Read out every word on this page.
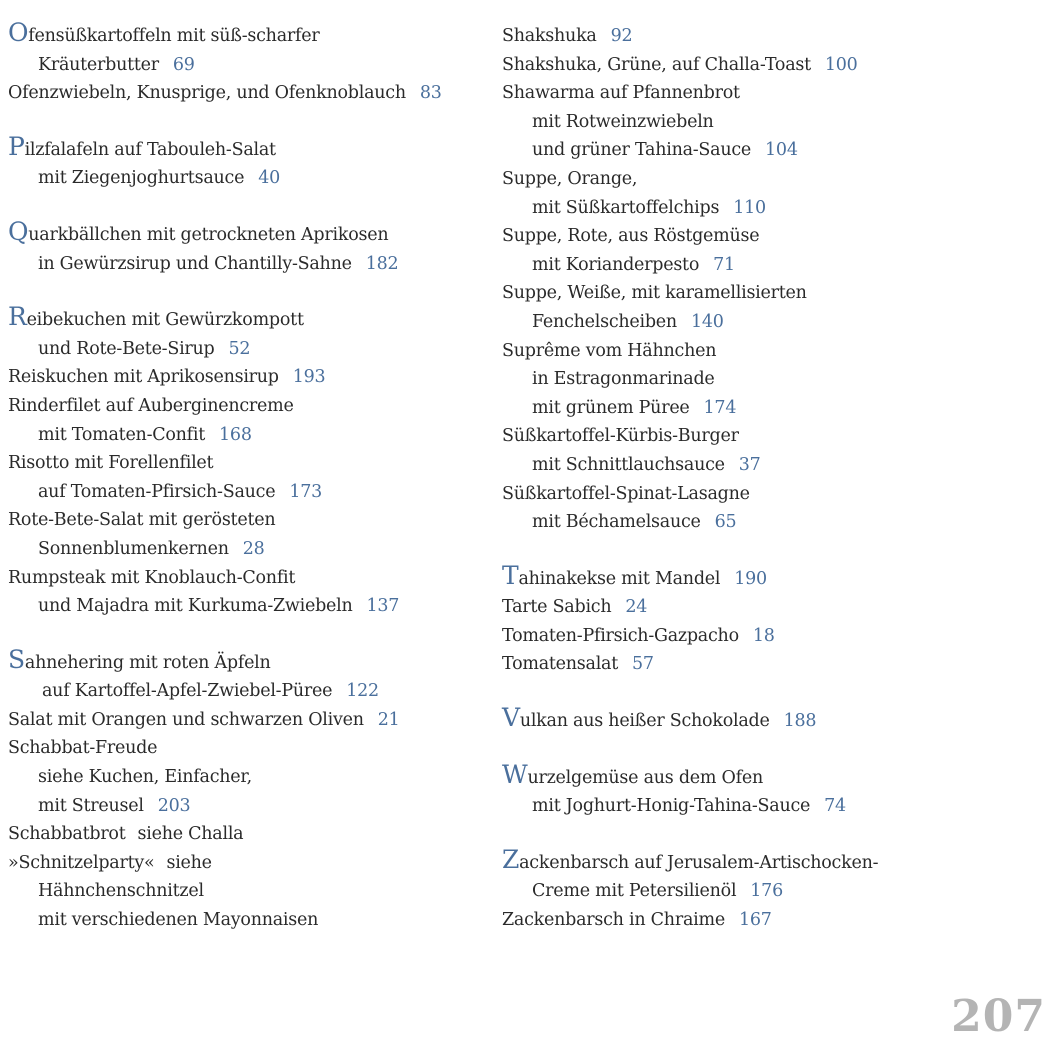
Ofensüßkartoffeln mit süß-scharfer
Kräuterbutter 69
Ofenzwiebeln, Knusprige, und Ofenknoblauch 83
Pilzfalafeln auf Tabouleh-Salat
mit Ziegenjoghurtsauce 40
Quarkbällchen mit getrockneten Aprikosen
in Gewürzsirup und Chantilly-Sahne 182
Reibekuchen mit Gewürzkompott
und Rote-Bete-Sirup 52
Reiskuchen mit Aprikosensirup 193
Rinderfilet auf Auberginencreme
mit Tomaten-Confit 168
Risotto mit Forellenfilet
auf Tomaten-Pfirsich-Sauce 173
Rote-Bete-Salat mit gerösteten
Sonnenblumenkernen 28
Rumpsteak mit Knoblauch-Confit
und Majadra mit Kurkuma-Zwiebeln 137
Sahnehering mit roten Äpfeln
auf Kartoffel-Apfel-Zwiebel-Püree 122
Salat mit Orangen und schwarzen Oliven 21
Schabbat-Freude
siehe Kuchen, Einfacher,
mit Streusel 203
Schabbatbrot siehe Challa
»Schnitzelparty« siehe
Hähnchenschnitzel
mit verschiedenen Mayonnaisen
Shakshuka 92
Shakshuka, Grüne, auf Challa-Toast 100
Shawarma auf Pfannenbrot
mit Rotweinzwiebeln
und grüner Tahina-Sauce 104
Suppe, Orange,
mit Süßkartoffelchips 110
Suppe, Rote, aus Röstgemüse
mit Korianderpesto 71
Suppe, Weiße, mit karamellisierten
Fenchelscheiben 140
Suprême vom Hähnchen
in Estragonmarinade
mit grünem Püree 174
Süßkartoffel-Kürbis-Burger
mit Schnittlauchsauce 37
Süßkartoffel-Spinat-Lasagne
mit Béchamelsauce 65
Tahinakekse mit Mandel 190
Tarte Sabich 24
Tomaten-Pfirsich-Gazpacho 18
Tomatensalat 57
Vulkan aus heißer Schokolade 188
Wurzelgemüse aus dem Ofen
mit Joghurt-Honig-Tahina-Sauce 74
Zackenbarsch auf Jerusalem-Artischocken-
Creme mit Petersilienöl 176
Zackenbarsch in Chraime 167
207
